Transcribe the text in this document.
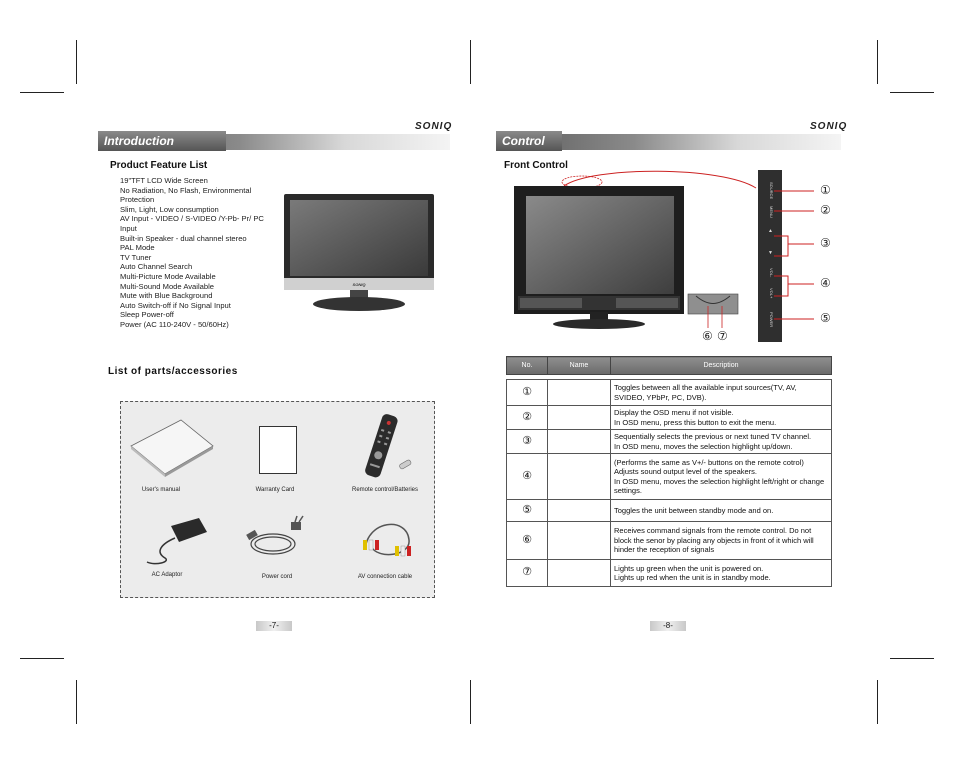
SONIQ
Introduction
Product Feature List
19"TFT LCD Wide Screen
No Radiation, No Flash, Environmental Protection
Slim, Light, Low consumption
AV Input - VIDEO / S-VIDEO /Y-Pb- Pr/ PC Input
Built-in Speaker - dual channel stereo
PAL Mode
TV Tuner
Auto Channel Search
Multi-Picture Mode Available
Multi-Sound Mode Available
Mute with Blue Background
Auto Switch-off if No Signal Input
Sleep Power-off
Power (AC 110-240V - 50/60Hz)
SONIQ
List of parts/accessories
User's manual	Warranty Card	Remote control/Batteries
AC Adaptor	Power cord	AV connection cable
-7-
SONIQ
Control
Front Control
SOURCE
MENU
▲
▼
VOL-
VOL+
POWER
①
②
③
④
⑤
⑥ ⑦
No.	Name	Description

①		Toggles between all the available input sources(TV, AV, SVIDEO, YPbPr, PC, DVB).

②		Display the OSD menu if not visible.
In OSD menu, press this button to exit the menu.

③		Sequentially selects the previous or next tuned TV channel.
In OSD menu, moves the selection highlight up/down.

④		(Performs the same as V+/- buttons on the remote cotrol)
Adjusts sound output level of the speakers.
In OSD menu, moves the selection highlight left/right or change settings.

⑤		Toggles the unit between standby mode and on.

⑥		Receives command signals from the remote control. Do not block the senor by placing any objects in front of it which will hinder the reception of signals

⑦		Lights up green when the unit is powered on.
Lights up red when the unit is in standby mode.
-8-
